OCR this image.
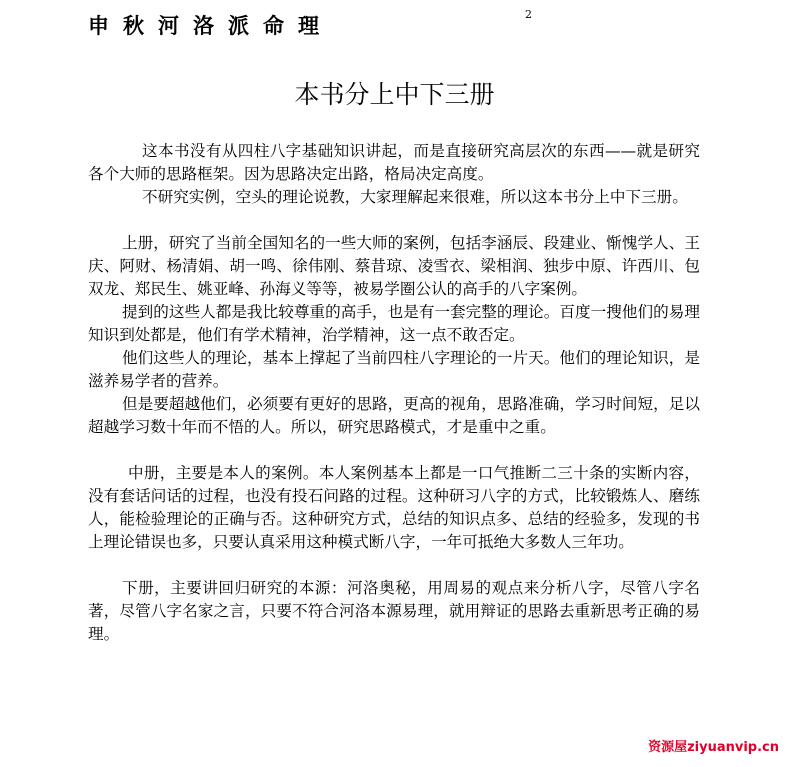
申秋河洛派命理	2
本书分上中下三册

这本书没有从四柱八字基础知识讲起，而是直接研究高层次的东西——就是研究各个大师的思路框架。因为思路决定出路，格局决定高度。

不研究实例，空头的理论说教，大家理解起来很难，所以这本书分上中下三册。

上册，研究了当前全国知名的一些大师的案例，包括李涵辰、段建业、惭愧学人、王庆、阿财、杨清娟、胡一鸣、徐伟刚、蔡昔琼、凌雪衣、梁相润、独步中原、许西川、包双龙、郑民生、姚亚峰、孙海义等等，被易学圈公认的高手的八字案例。

提到的这些人都是我比较尊重的高手，也是有一套完整的理论。百度一搜他们的易理知识到处都是，他们有学术精神，治学精神，这一点不敢否定。

他们这些人的理论，基本上撑起了当前四柱八字理论的一片天。他们的理论知识，是滋养易学者的营养。

但是要超越他们，必须要有更好的思路，更高的视角，思路准确，学习时间短，足以超越学习数十年而不悟的人。所以，研究思路模式，才是重中之重。

中册，主要是本人的案例。本人案例基本上都是一口气推断二三十条的实断内容，没有套话问话的过程，也没有投石问路的过程。这种研习八字的方式，比较锻炼人、磨练人，能检验理论的正确与否。这种研究方式，总结的知识点多、总结的经验多，发现的书上理论错误也多，只要认真采用这种模式断八字，一年可抵绝大多数人三年功。

下册，主要讲回归研究的本源：河洛奥秘，用周易的观点来分析八字，尽管八字名著，尽管八字名家之言，只要不符合河洛本源易理，就用辩证的思路去重新思考正确的易理。

资源屋ziyuanvip.cn
